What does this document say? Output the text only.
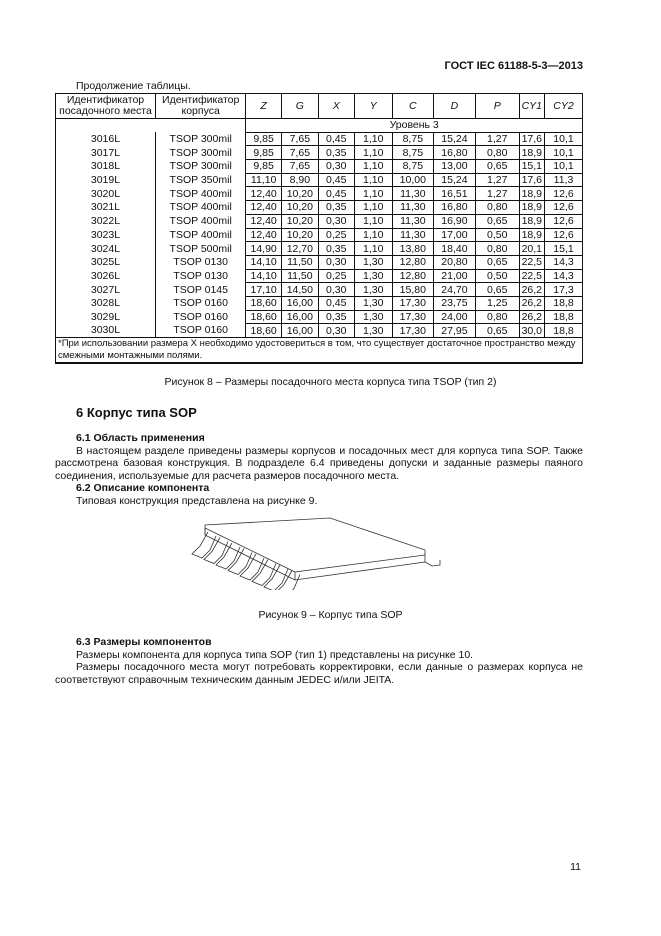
ГОСТ IEC 61188-5-3—2013
Продолжение таблицы.
Идентификатор посадочного места	Идентификатор корпуса	Z	G	X	Y	C	D	P	CY1	CY2
		Уровень 3								
3016L	TSOP 300mil	9,85	7,65	0,45	1,10	8,75	15,24	1,27	17,6	10,1
3017L	TSOP 300mil	9,85	7,65	0,35	1,10	8,75	16,80	0,80	18,9	10,1
3018L	TSOP 300mil	9,85	7,65	0,30	1,10	8,75	13,00	0,65	15,1	10,1
3019L	TSOP 350mil	11,10	8,90	0,45	1,10	10,00	15,24	1,27	17,6	11,3
3020L	TSOP 400mil	12,40	10,20	0,45	1,10	11,30	16,51	1,27	18,9	12,6
3021L	TSOP 400mil	12,40	10,20	0,35	1,10	11,30	16,80	0,80	18,9	12,6
3022L	TSOP 400mil	12,40	10,20	0,30	1,10	11,30	16,90	0,65	18,9	12,6
3023L	TSOP 400mil	12,40	10,20	0,25	1,10	11,30	17,00	0,50	18,9	12,6
3024L	TSOP 500mil	14,90	12,70	0,35	1,10	13,80	18,40	0,80	20,1	15,1
3025L	TSOP 0130	14,10	11,50	0,30	1,30	12,80	20,80	0,65	22,5	14,3
3026L	TSOP 0130	14,10	11,50	0,25	1,30	12,80	21,00	0,50	22,5	14,3
3027L	TSOP 0145	17,10	14,50	0,30	1,30	15,80	24,70	0,65	26,2	17,3
3028L	TSOP 0160	18,60	16,00	0,45	1,30	17,30	23,75	1,25	26,2	18,8
3029L	TSOP 0160	18,60	16,00	0,35	1,30	17,30	24,00	0,80	26,2	18,8
3030L	TSOP 0160	18,60	16,00	0,30	1,30	17,30	27,95	0,65	30,0	18,8
*При использовании размера X необходимо удостовериться в том, что существует достаточное пространство между смежными монтажными полями.										
Рисунок 8 – Размеры посадочного места корпуса типа TSOP (тип 2)
6 Корпус типа SOP
6.1 Область применения
В настоящем разделе приведены размеры корпусов и посадочных мест для корпуса типа SOP. Также рассмотрена базовая конструкция. В подразделе 6.4 приведены допуски и заданные размеры паяного соединения, используемые для расчета размеров посадочного места.
6.2 Описание компонента
Типовая конструкция представлена на рисунке 9.
Рисунок 9 – Корпус типа SOP
6.3 Размеры компонентов
Размеры компонента для корпуса типа SOP (тип 1) представлены на рисунке 10.
Размеры посадочного места могут потребовать корректировки, если данные о размерах корпуса не соответствуют справочным техническим данным JEDEC и/или JEITA.
11
